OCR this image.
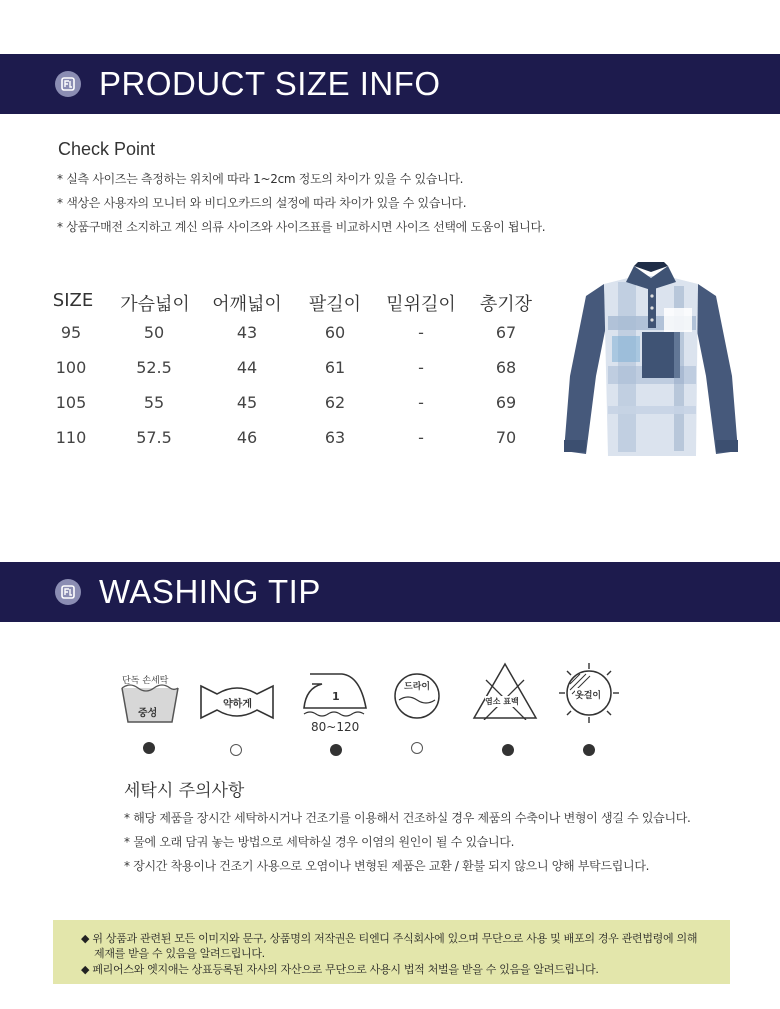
PRODUCT SIZE INFO
Check Point
* 실측 사이즈는 측정하는 위치에 따라 1~2cm 정도의 차이가 있을 수 있습니다.
* 색상은 사용자의 모니터 와 비디오카드의 설정에 따라 차이가 있을 수 있습니다.
* 상품구매전 소지하고 계신 의류 사이즈와 사이즈표를 비교하시면 사이즈 선택에 도움이 됩니다.
SIZE	가슴넓이 어깨넓이	팔길이	밑위길이	총기장
95	50	43	60	-	67
100	52.5	44	61	-	68
105	55	45	62	-	69
110	57.5	46	63	-	70
WASHING TIP
단독 손세탁
중성
약하게
1
80~120
드라이
염소 표백
옷걸이
세탁시 주의사항
* 해당 제품을 장시간 세탁하시거나 건조기를 이용해서 건조하실 경우 제품의 수축이나 변형이 생길 수 있습니다.
* 물에 오래 담궈 놓는 방법으로 세탁하실 경우 이염의 원인이 될 수 있습니다.
* 장시간 착용이나 건조기 사용으로 오염이나 변형된 제품은 교환 / 환불 되지 않으니 양해 부탁드립니다.
◆ 위 상품과 관련된 모든 이미지와 문구, 상품명의 저작권은 티엔디 주식회사에 있으며 무단으로 사용 및 배포의 경우 관련법령에 의해
제재를 받을 수 있음을 알려드립니다.
◆ 페리어스와 엣지애는 상표등록된 자사의 자산으로 무단으로 사용시 법적 처벌을 받을 수 있음을 알려드립니다.
